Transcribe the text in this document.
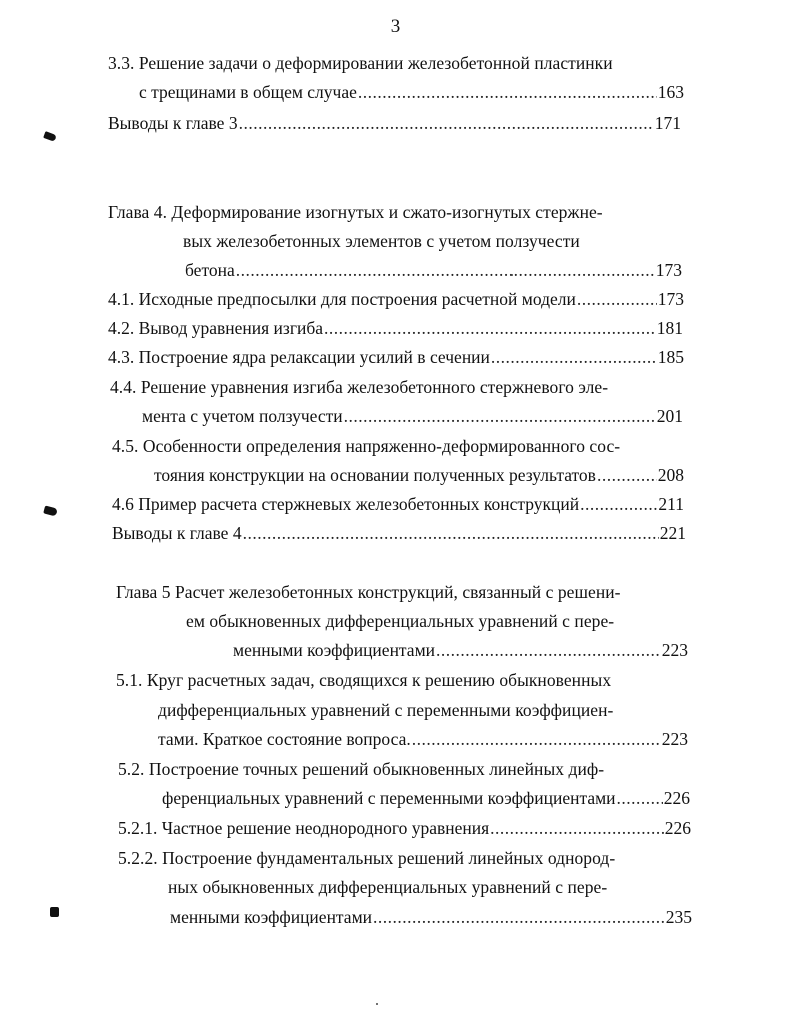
3
3.3. Решение задачи о деформировании железобетонной пластинки
с трещинами в общем случае .....	163
Выводы к главе 3 .....	171
Глава 4. Деформирование изогнутых и сжато-изогнутых стержне-
вых железобетонных элементов с учетом ползучести
бетона .....	173
4.1. Исходные предпосылки для построения расчетной модели .....	173
4.2. Вывод уравнения изгиба .....	181
4.3. Построение ядра релаксации усилий в сечении .....	185
4.4. Решение уравнения изгиба железобетонного стержневого эле-
мента с учетом ползучести .....	201
4.5. Особенности определения напряженно-деформированного сос-
тояния конструкции на основании полученных результатов .....	208
4.6 Пример расчета стержневых железобетонных конструкций .....	211
Выводы к главе 4 .....	221
Глава 5 Расчет железобетонных конструкций, связанный с решени-
ем обыкновенных дифференциальных уравнений с пере-
менными коэффициентами .....	223
5.1. Круг расчетных задач, сводящихся к решению обыкновенных
дифференциальных уравнений с переменными коэффициен-
тами. Краткое состояние вопроса. .....	223
5.2. Построение точных решений обыкновенных линейных диф-
ференциальных уравнений с переменными коэффициентами .....	226
5.2.1. Частное решение неоднородного уравнения .....	226
5.2.2. Построение фундаментальных решений линейных однород-
ных обыкновенных дифференциальных уравнений с пере-
менными коэффициентами .....	235
